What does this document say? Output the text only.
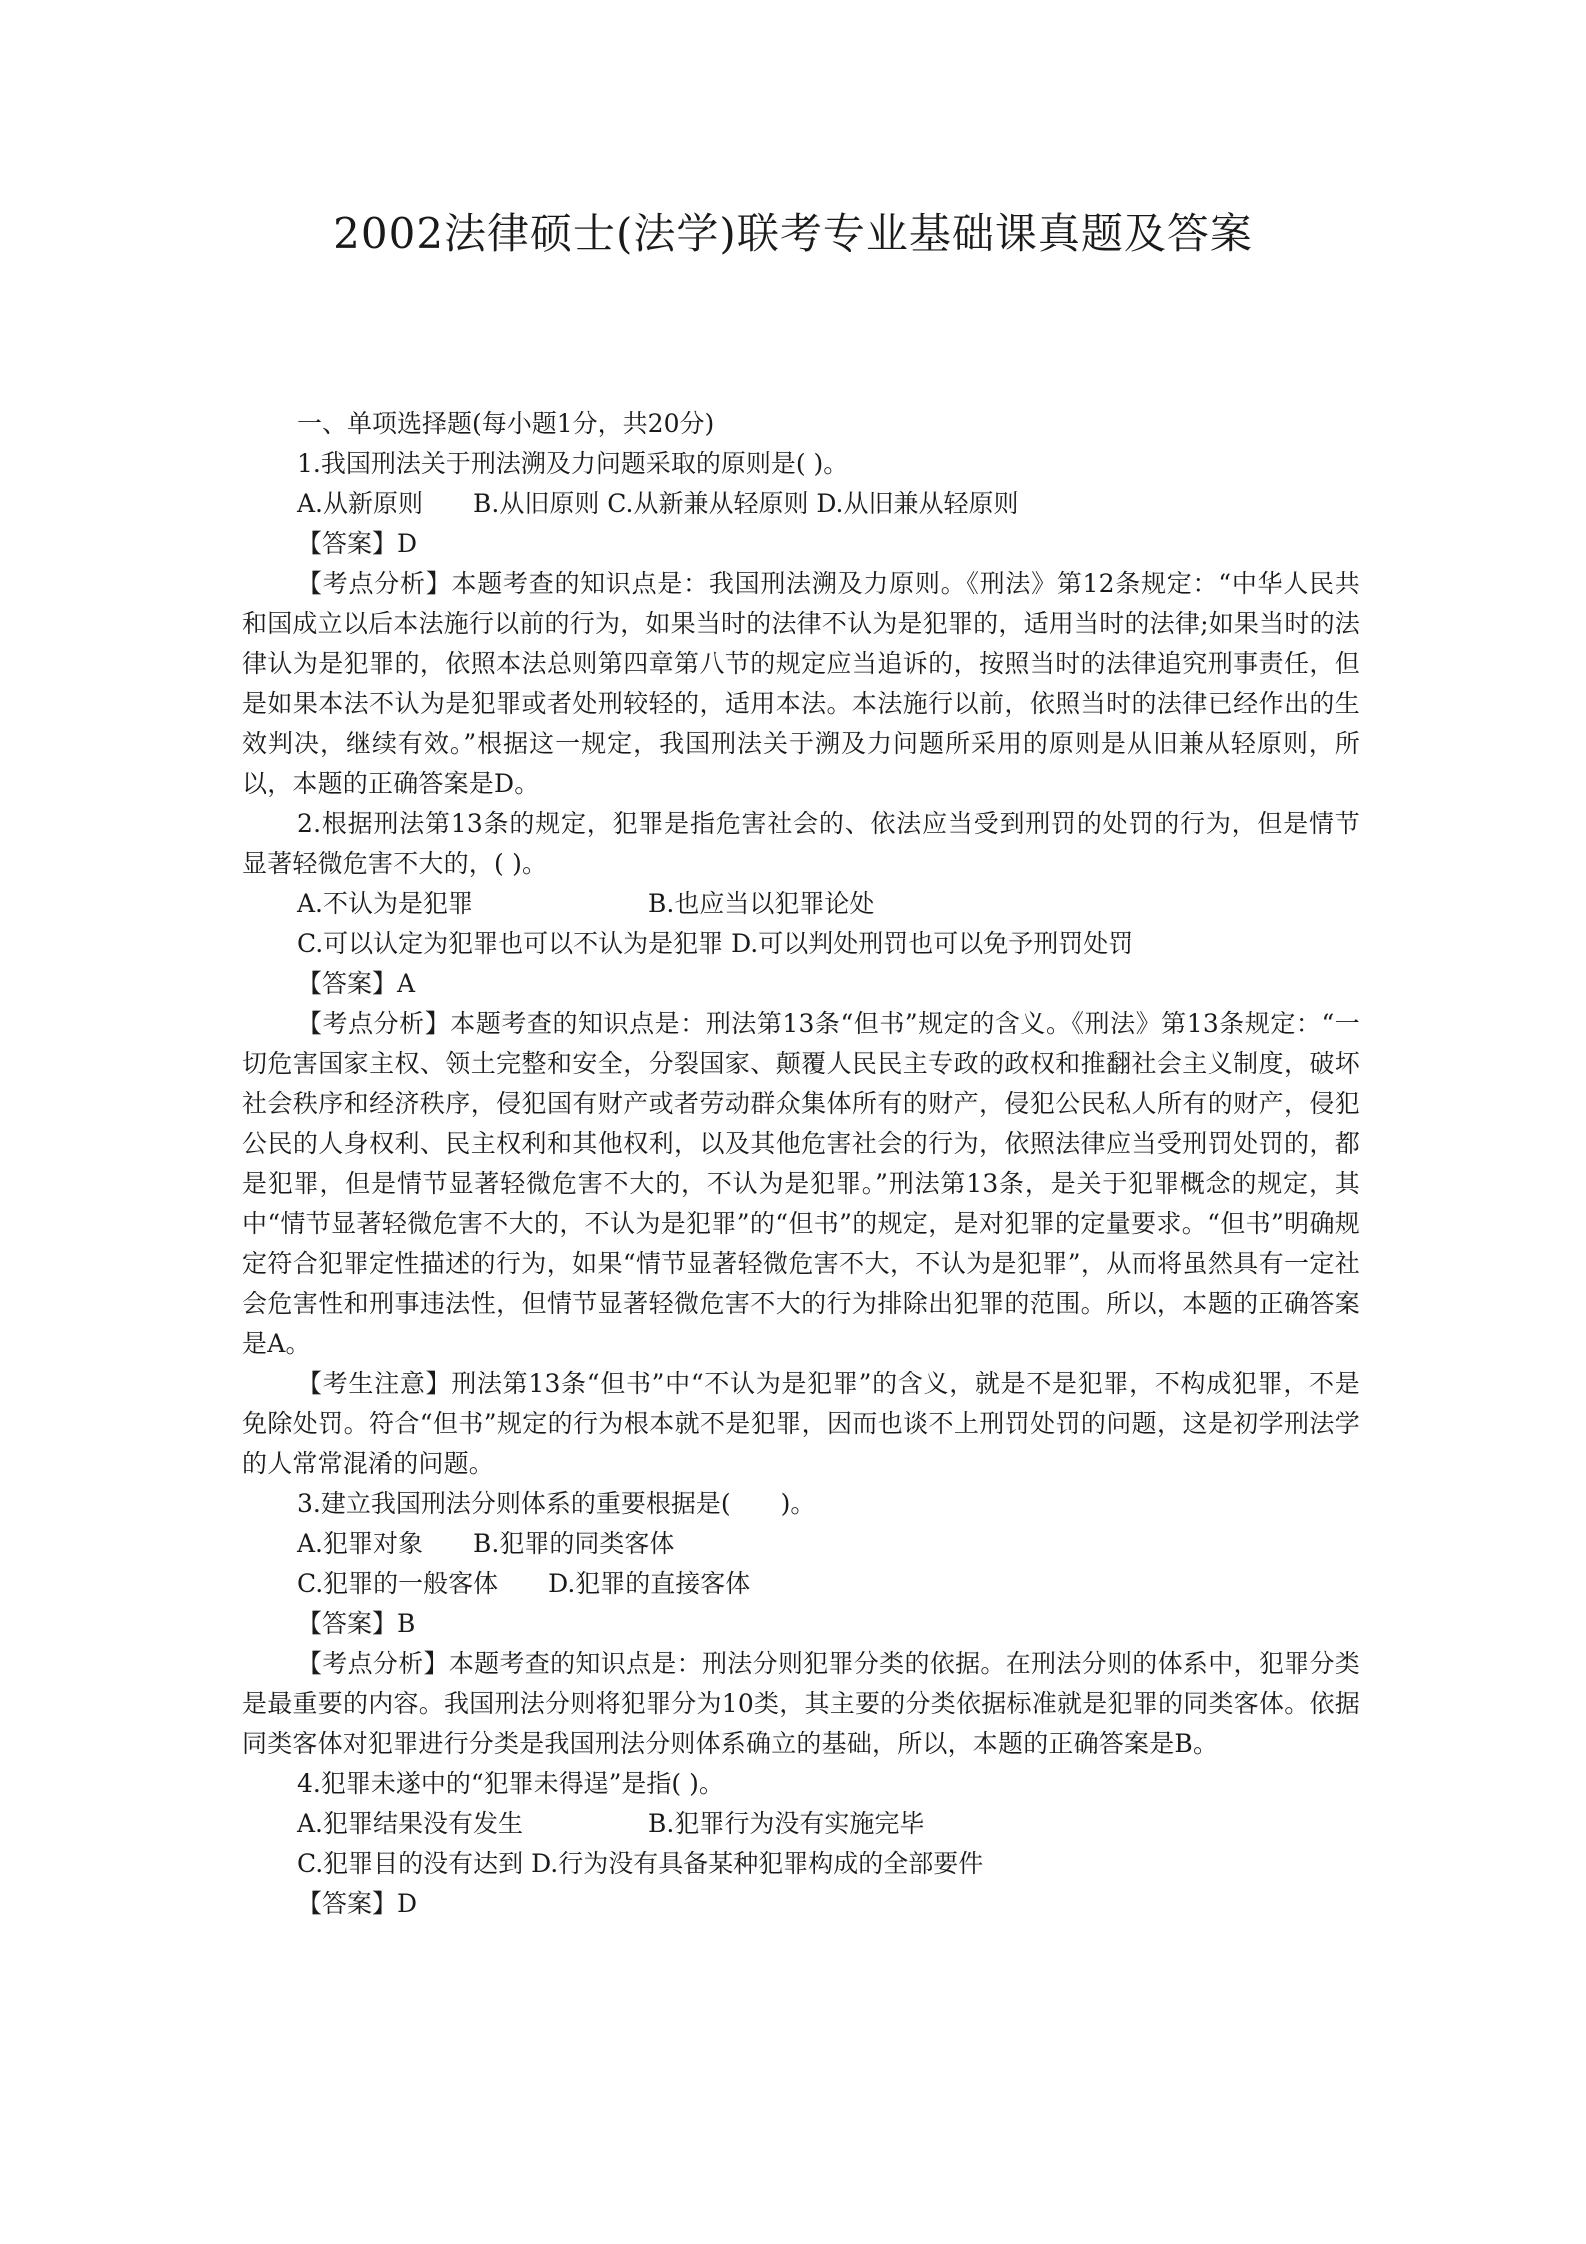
2002法律硕士(法学)联考专业基础课真题及答案

一、单项选择题(每小题1分，共20分)

1.我国刑法关于刑法溯及力问题采取的原则是( )。

A.从新原则　　B.从旧原则 C.从新兼从轻原则 D.从旧兼从轻原则

【答案】D

【考点分析】本题考查的知识点是：我国刑法溯及力原则。《刑法》第12条规定：“中华人民共和国成立以后本法施行以前的行为，如果当时的法律不认为是犯罪的，适用当时的法律;如果当时的法律认为是犯罪的，依照本法总则第四章第八节的规定应当追诉的，按照当时的法律追究刑事责任，但是如果本法不认为是犯罪或者处刑较轻的，适用本法。本法施行以前，依照当时的法律已经作出的生效判决，继续有效。”根据这一规定，我国刑法关于溯及力问题所采用的原则是从旧兼从轻原则，所以，本题的正确答案是D。

2.根据刑法第13条的规定，犯罪是指危害社会的、依法应当受到刑罚的处罚的行为，但是情节显著轻微危害不大的，( )。

A.不认为是犯罪　　　　　　　B.也应当以犯罪论处

C.可以认定为犯罪也可以不认为是犯罪 D.可以判处刑罚也可以免予刑罚处罚

【答案】A

【考点分析】本题考查的知识点是：刑法第13条“但书”规定的含义。《刑法》第13条规定：“一切危害国家主权、领土完整和安全，分裂国家、颠覆人民民主专政的政权和推翻社会主义制度，破坏社会秩序和经济秩序，侵犯国有财产或者劳动群众集体所有的财产，侵犯公民私人所有的财产，侵犯公民的人身权利、民主权利和其他权利，以及其他危害社会的行为，依照法律应当受刑罚处罚的，都是犯罪，但是情节显著轻微危害不大的，不认为是犯罪。”刑法第13条，是关于犯罪概念的规定，其中“情节显著轻微危害不大的，不认为是犯罪”的“但书”的规定，是对犯罪的定量要求。“但书”明确规定符合犯罪定性描述的行为，如果“情节显著轻微危害不大，不认为是犯罪”，从而将虽然具有一定社会危害性和刑事违法性，但情节显著轻微危害不大的行为排除出犯罪的范围。所以，本题的正确答案是A。

【考生注意】刑法第13条“但书”中“不认为是犯罪”的含义，就是不是犯罪，不构成犯罪，不是免除处罚。符合“但书”规定的行为根本就不是犯罪，因而也谈不上刑罚处罚的问题，这是初学刑法学的人常常混淆的问题。

3.建立我国刑法分则体系的重要根据是(　　)。

A.犯罪对象　　B.犯罪的同类客体

C.犯罪的一般客体　　D.犯罪的直接客体

【答案】B

【考点分析】本题考查的知识点是：刑法分则犯罪分类的依据。在刑法分则的体系中，犯罪分类是最重要的内容。我国刑法分则将犯罪分为10类，其主要的分类依据标准就是犯罪的同类客体。依据同类客体对犯罪进行分类是我国刑法分则体系确立的基础，所以，本题的正确答案是B。

4.犯罪未遂中的“犯罪未得逞”是指( )。

A.犯罪结果没有发生　　　　　B.犯罪行为没有实施完毕

C.犯罪目的没有达到 D.行为没有具备某种犯罪构成的全部要件

【答案】D
